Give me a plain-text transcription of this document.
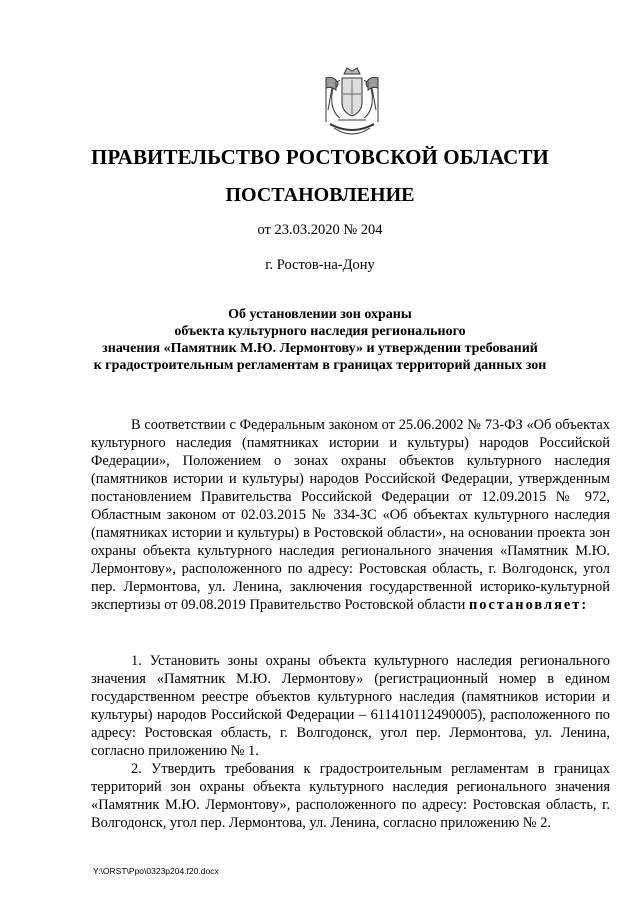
ПРАВИТЕЛЬСТВО РОСТОВСКОЙ ОБЛАСТИ
ПОСТАНОВЛЕНИЕ
от 23.03.2020 № 204
г. Ростов-на-Дону
Об установлении зон охраны
объекта культурного наследия регионального
значения «Памятник М.Ю. Лермонтову» и утверждении требований
к градостроительным регламентам в границах территорий данных зон

В соответствии с Федеральным законом от 25.06.2002 № 73-ФЗ «Об объектах культурного наследия (памятниках истории и культуры) народов Российской Федерации», Положением о зонах охраны объектов культурного наследия (памятников истории и культуры) народов Российской Федерации, утвержденным постановлением Правительства Российской Федерации от 12.09.2015 № 972, Областным законом от 02.03.2015 № 334-ЗС «Об объектах культурного наследия (памятниках истории и культуры) в Ростовской области», на основании проекта зон охраны объекта культурного наследия регионального значения «Памятник М.Ю. Лермонтову», расположенного по адресу: Ростовская область, г. Волгодонск, угол пер. Лермонтова, ул. Ленина, заключения государственной историко-культурной экспертизы от 09.08.2019 Правительство Ростовской области постановляет:

1. Установить зоны охраны объекта культурного наследия регионального значения «Памятник М.Ю. Лермонтову» (регистрационный номер в едином государственном реестре объектов культурного наследия (памятников истории и культуры) народов Российской Федерации – 611410112490005), расположенного по адресу: Ростовская область, г. Волгодонск, угол пер. Лермонтова, ул. Ленина, согласно приложению № 1.

2. Утвердить требования к градостроительным регламентам в границах территорий зон охраны объекта культурного наследия регионального значения «Памятник М.Ю. Лермонтову», расположенного по адресу: Ростовская область, г. Волгодонск, угол пер. Лермонтова, ул. Ленина, согласно приложению № 2.

Y:\ORST\Ppo\0323p204.f20.docx
